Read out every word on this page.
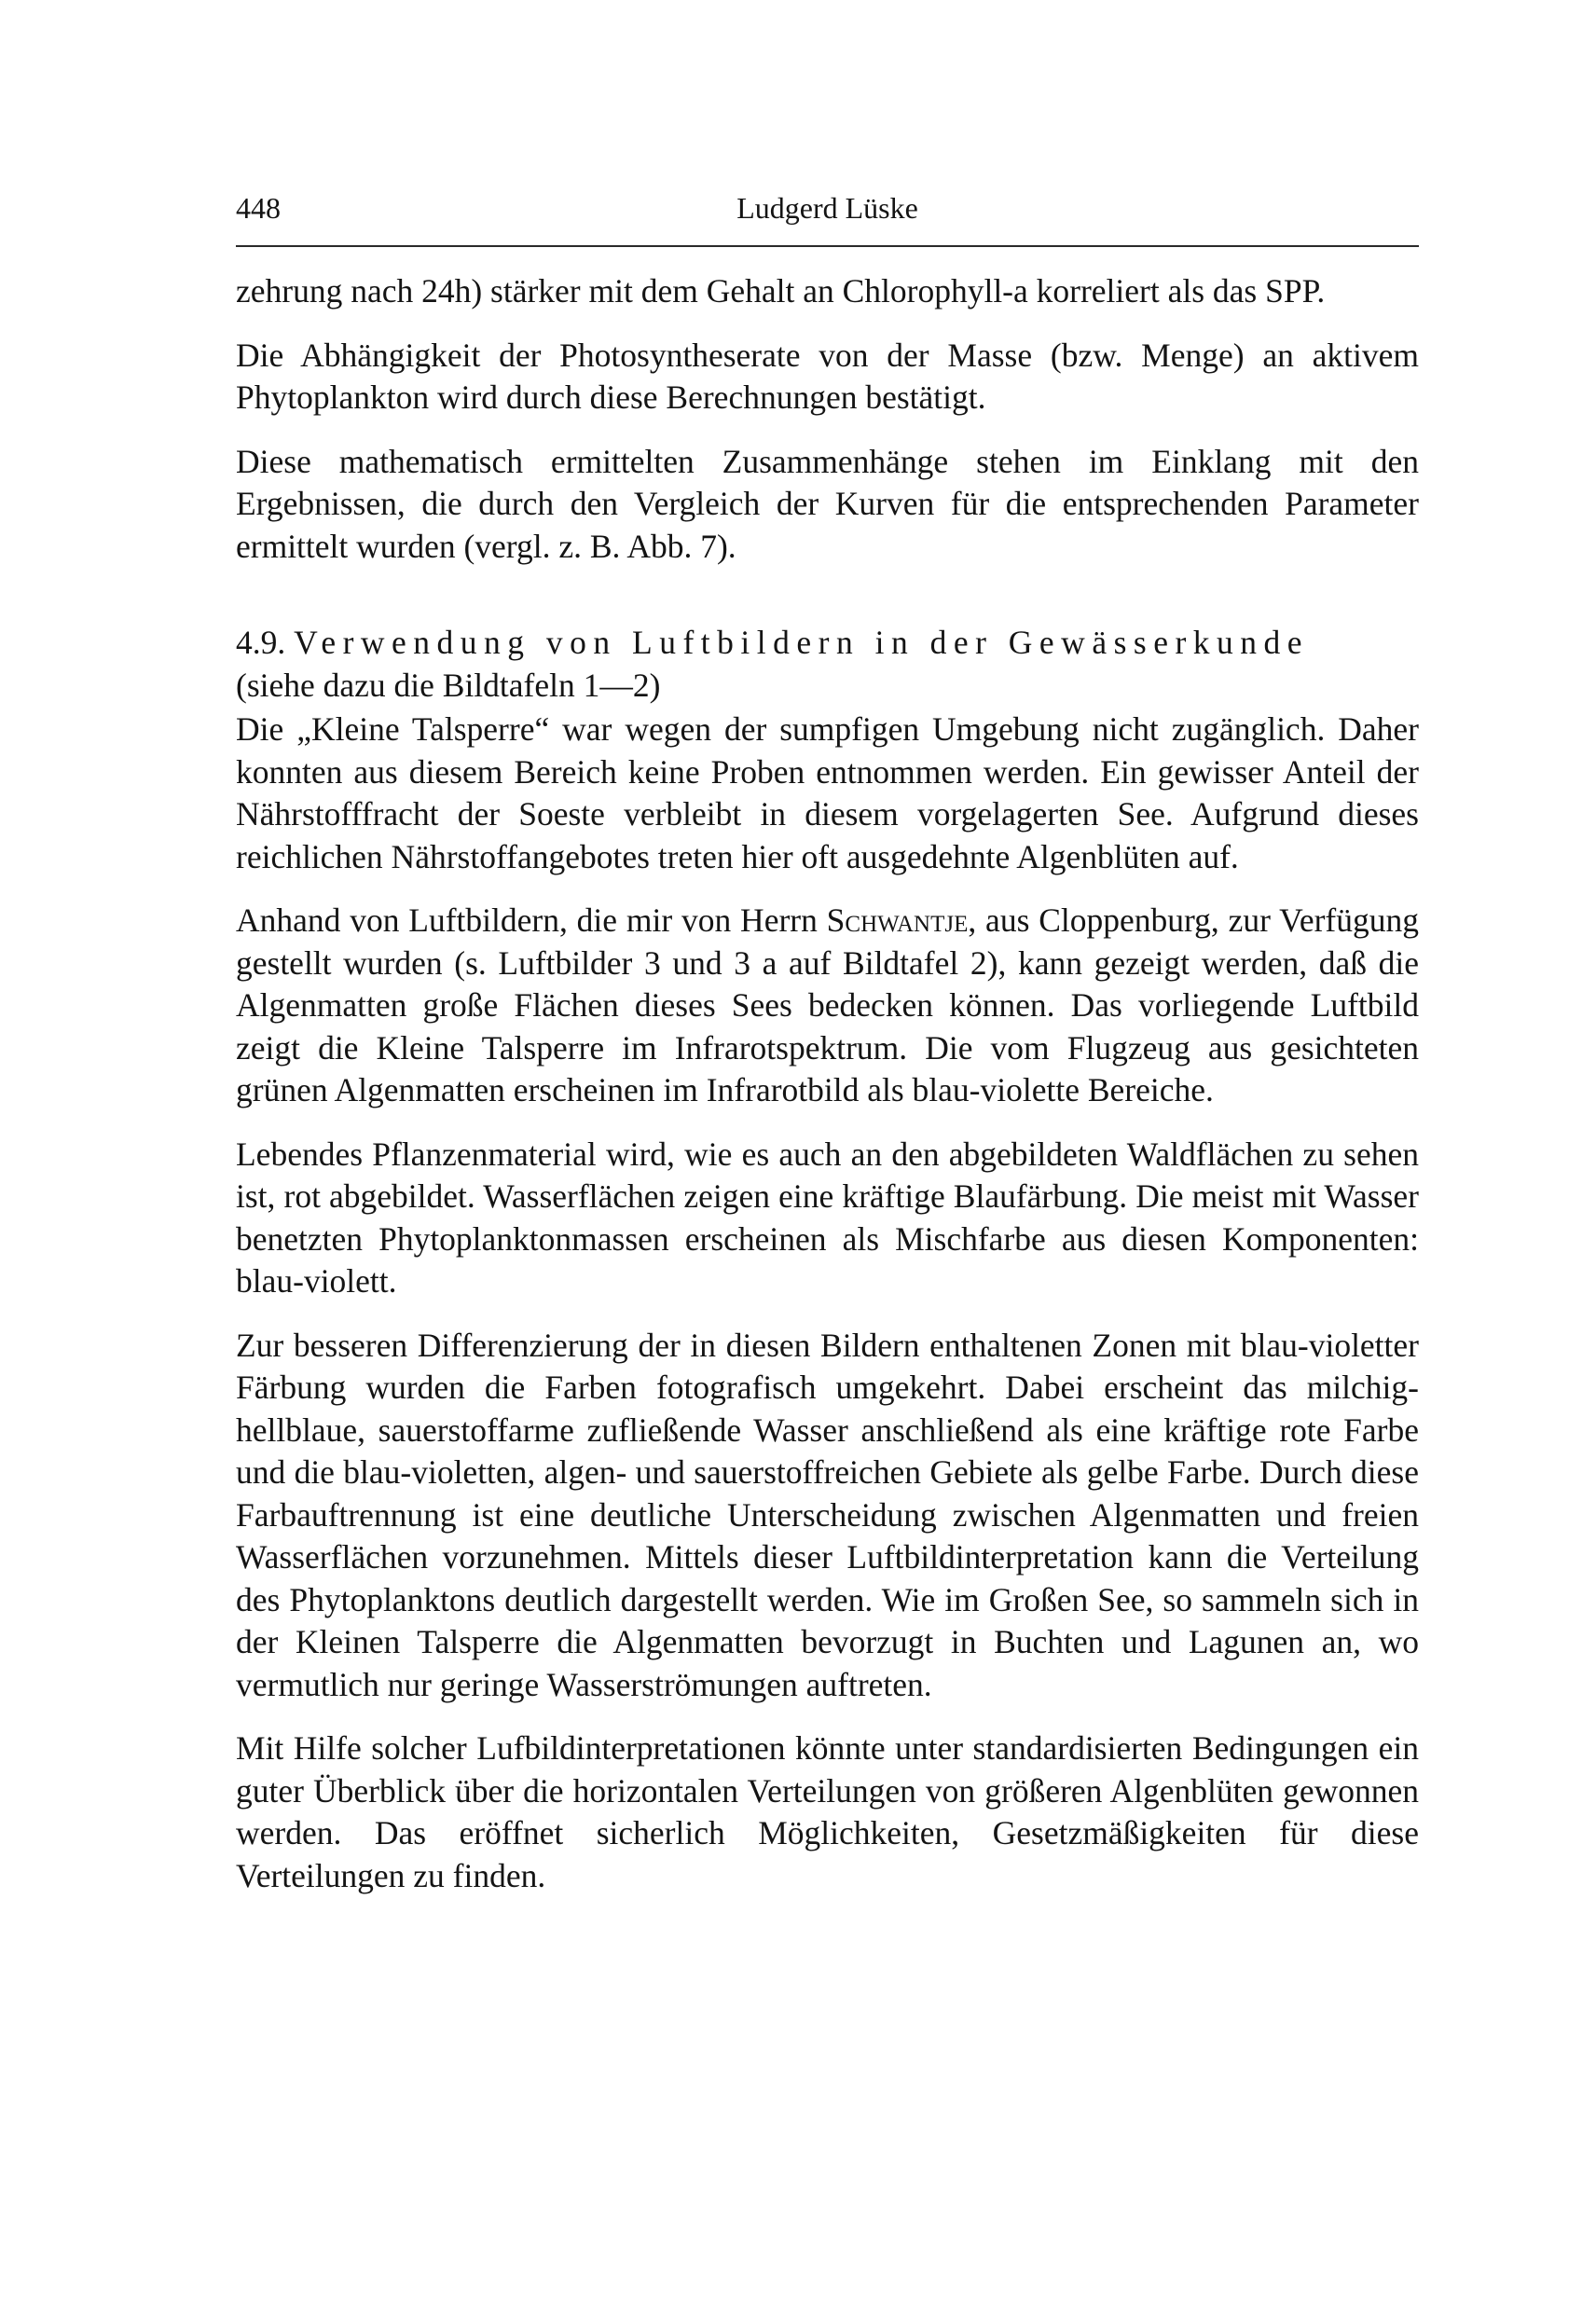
448	Ludgerd Lüske

zehrung nach 24h) stärker mit dem Gehalt an Chlorophyll-a korreliert als das SPP.

Die Abhängigkeit der Photosyntheserate von der Masse (bzw. Menge) an aktivem Phytoplankton wird durch diese Berechnungen bestätigt.

Diese mathematisch ermittelten Zusammenhänge stehen im Einklang mit den Ergebnissen, die durch den Vergleich der Kurven für die entsprechenden Parameter ermittelt wurden (vergl. z. B. Abb. 7).

4.9. Verwendung von Luftbildern in der Gewässerkunde
(siehe dazu die Bildtafeln 1—2)

Die „Kleine Talsperre“ war wegen der sumpfigen Umgebung nicht zugänglich. Daher konnten aus diesem Bereich keine Proben entnommen werden. Ein gewisser Anteil der Nährstofffracht der Soeste verbleibt in diesem vorgelagerten See. Aufgrund dieses reichlichen Nährstoffangebotes treten hier oft ausgedehnte Algenblüten auf.

Anhand von Luftbildern, die mir von Herrn Schwantje, aus Cloppenburg, zur Verfügung gestellt wurden (s. Luftbilder 3 und 3 a auf Bildtafel 2), kann gezeigt werden, daß die Algenmatten große Flächen dieses Sees bedecken können. Das vorliegende Luftbild zeigt die Kleine Talsperre im Infrarotspektrum. Die vom Flugzeug aus gesichteten grünen Algenmatten erscheinen im Infrarotbild als blau-violette Bereiche.

Lebendes Pflanzenmaterial wird, wie es auch an den abgebildeten Waldflächen zu sehen ist, rot abgebildet. Wasserflächen zeigen eine kräftige Blaufärbung. Die meist mit Wasser benetzten Phytoplanktonmassen erscheinen als Mischfarbe aus diesen Komponenten: blau-violett.

Zur besseren Differenzierung der in diesen Bildern enthaltenen Zonen mit blau-violetter Färbung wurden die Farben fotografisch umgekehrt. Dabei erscheint das milchig-hellblaue, sauerstoffarme zufließende Wasser anschließend als eine kräftige rote Farbe und die blau-violetten, algen- und sauerstoffreichen Gebiete als gelbe Farbe. Durch diese Farbauftrennung ist eine deutliche Unterscheidung zwischen Algenmatten und freien Wasserflächen vorzunehmen. Mittels dieser Luftbildinterpretation kann die Verteilung des Phytoplanktons deutlich dargestellt werden. Wie im Großen See, so sammeln sich in der Kleinen Talsperre die Algenmatten bevorzugt in Buchten und Lagunen an, wo vermutlich nur geringe Wasserströmungen auftreten.

Mit Hilfe solcher Lufbildinterpretationen könnte unter standardisierten Bedingungen ein guter Überblick über die horizontalen Verteilungen von größeren Algenblüten gewonnen werden. Das eröffnet sicherlich Möglichkeiten, Gesetzmäßigkeiten für diese Verteilungen zu finden.
